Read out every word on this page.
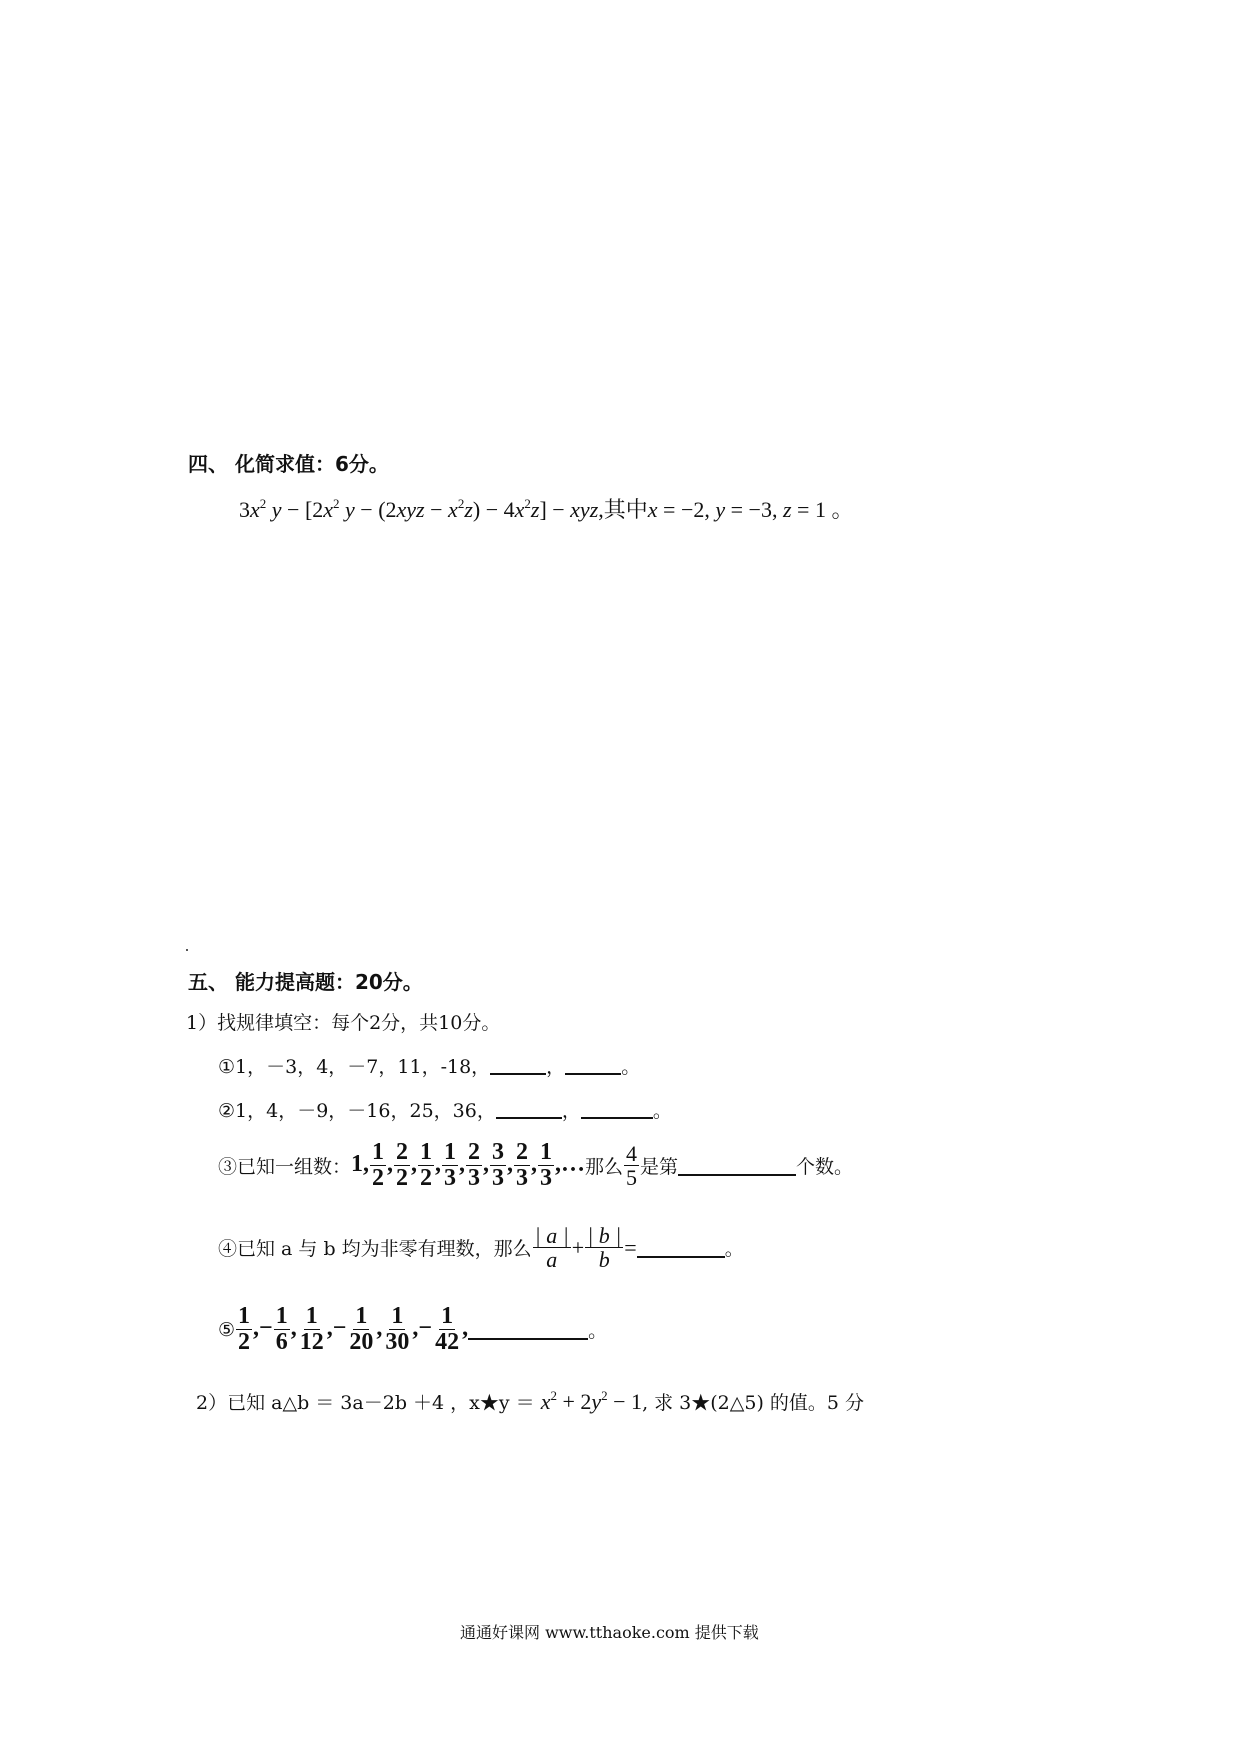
四、 化简求值：6分。
$3x^2$ $y - [2x^2$ $y - (2xyz - x^2z) - 4x^2z$] − xyz,其中x = −2, y = −3, z = 1 。
五、 能力提高题：20分。
1）找规律填空：每个2分，共10分。
①1，－3，4，－7，11，-18，	，	。
②1，4，－9，－16，25，36，	，	。
③已知一组数： 1, $\frac{1}{2}$ , $\frac{2}{2}$ , $\frac{1}{2}$ , $\frac{1}{3}$ , $\frac{2}{3}$ , $\frac{3}{3}$ , $\frac{2}{3}$ , $\frac{1}{3}$ ,… 那么 $\frac{4}{5}$ 是第	个数。
④已知 a 与 b 均为非零有理数，那么 $\frac{| a |}{a} + \frac{| b |}{b}$ =	。
⑤ $\frac{1}{2}$ ,− $\frac{1}{6}$ , $\frac{1}{12}$ ,− $\frac{1}{20}$ , $\frac{1}{30}$ ,− $\frac{1}{42}$ ,	。
2）已知 a△b ＝ 3a－2b ＋4 ，x★y ＝ $x^2 + 2y^2 - 1$, 求 3★(2△5) 的值。5 分
通通好课网 www.tthaoke.com 提供下载
